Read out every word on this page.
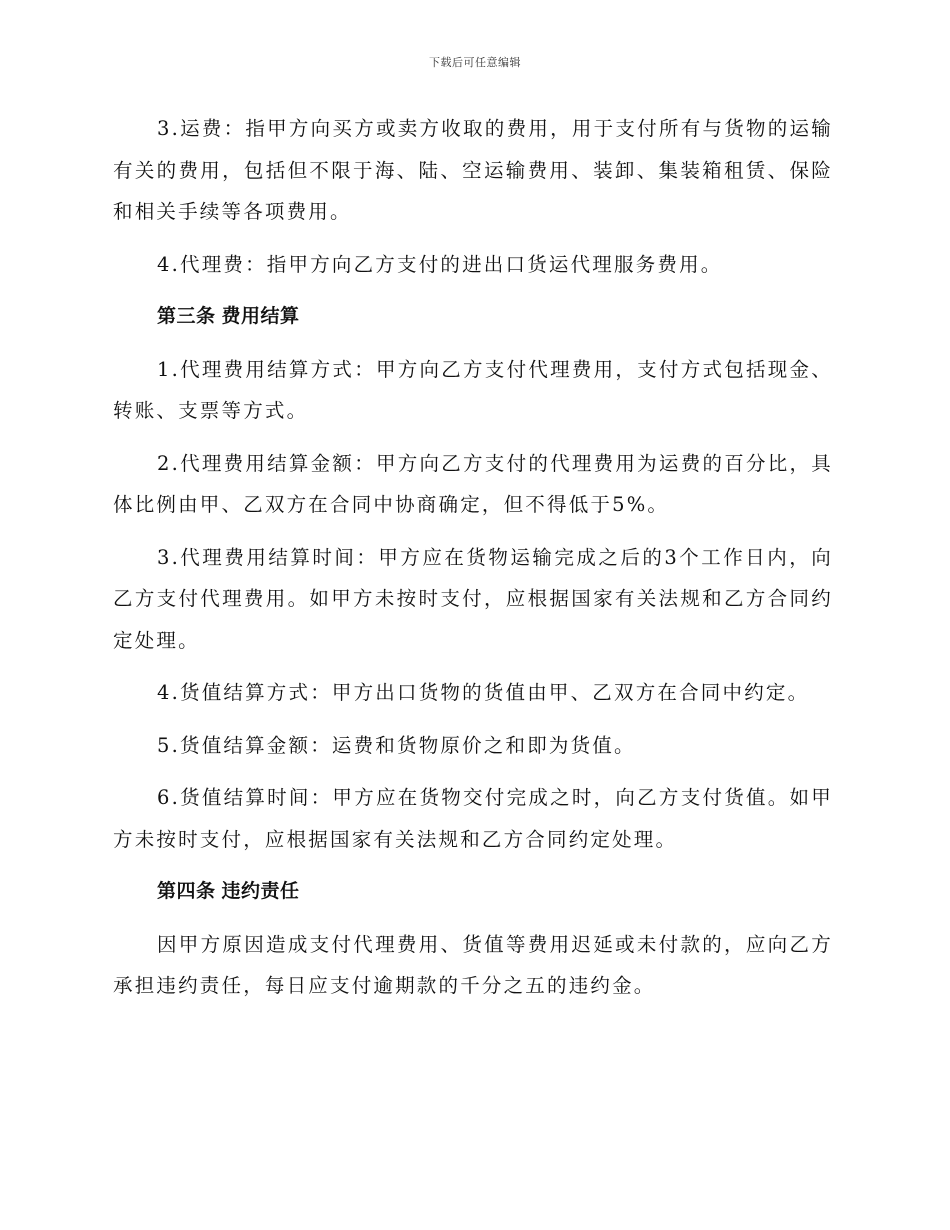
下载后可任意编辑

3.运费：指甲方向买方或卖方收取的费用，用于支付所有与货物的运输有关的费用，包括但不限于海、陆、空运输费用、装卸、集装箱租赁、保险和相关手续等各项费用。

4.代理费：指甲方向乙方支付的进出口货运代理服务费用。

第三条 费用结算

1.代理费用结算方式：甲方向乙方支付代理费用，支付方式包括现金、转账、支票等方式。

2.代理费用结算金额：甲方向乙方支付的代理费用为运费的百分比，具体比例由甲、乙双方在合同中协商确定，但不得低于5%。

3.代理费用结算时间：甲方应在货物运输完成之后的3个工作日内，向乙方支付代理费用。如甲方未按时支付，应根据国家有关法规和乙方合同约定处理。

4.货值结算方式：甲方出口货物的货值由甲、乙双方在合同中约定。

5.货值结算金额：运费和货物原价之和即为货值。

6.货值结算时间：甲方应在货物交付完成之时，向乙方支付货值。如甲方未按时支付，应根据国家有关法规和乙方合同约定处理。

第四条 违约责任

因甲方原因造成支付代理费用、货值等费用迟延或未付款的，应向乙方承担违约责任，每日应支付逾期款的千分之五的违约金。
